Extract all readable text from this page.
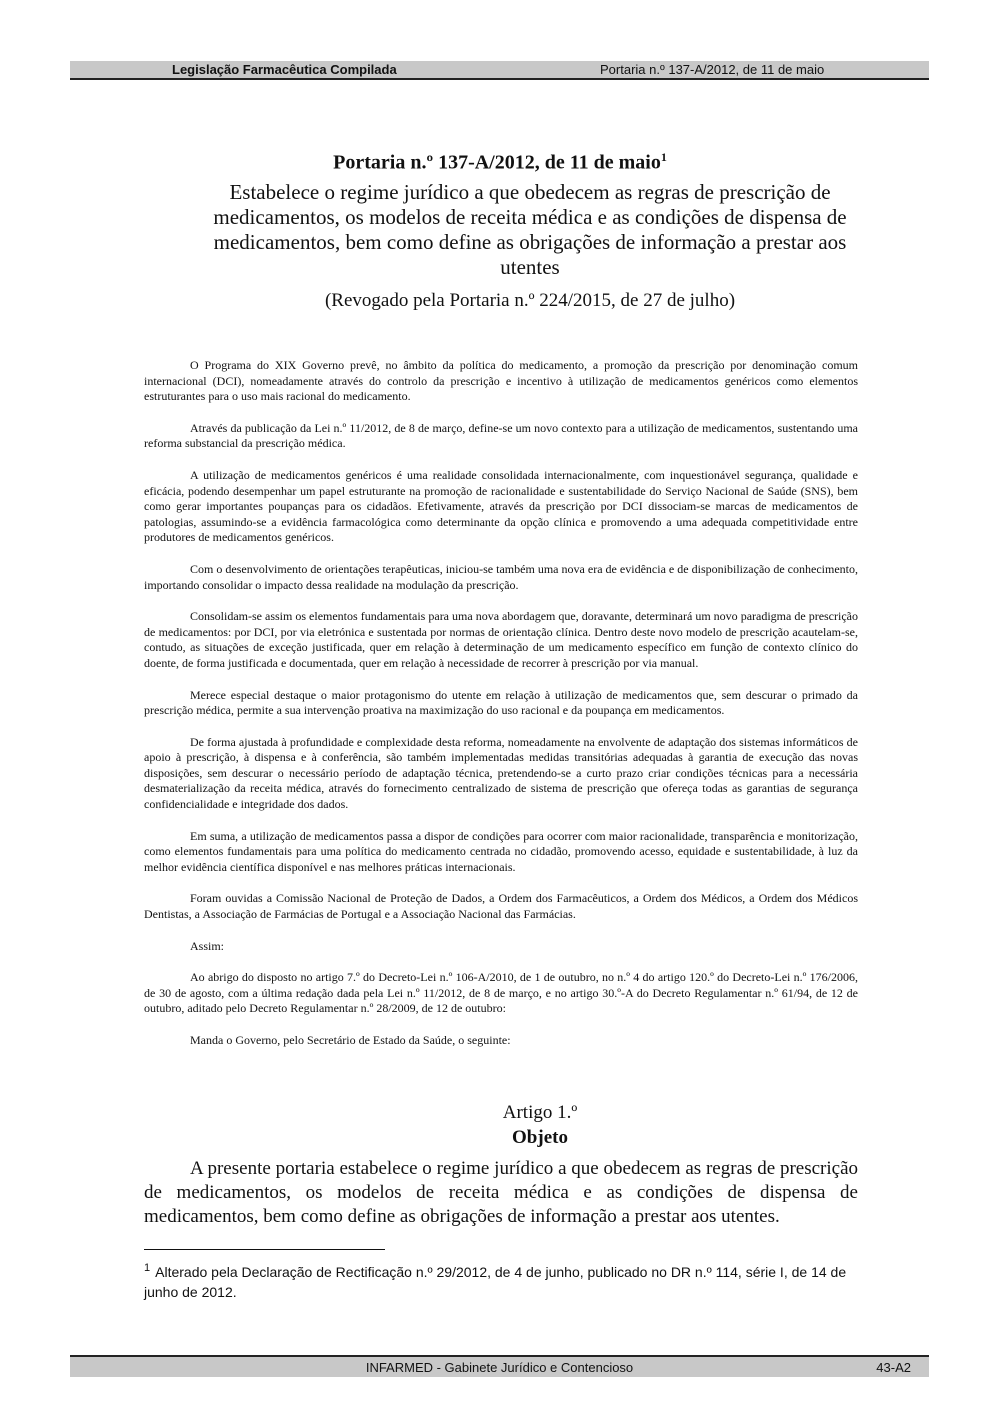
Legislação Farmacêutica Compilada	Portaria n.º 137-A/2012, de 11 de maio
Portaria n.º 137-A/2012, de 11 de maio$^1$
Estabelece o regime jurídico a que obedecem as regras de prescrição de medicamentos, os modelos de receita médica e as condições de dispensa de medicamentos, bem como define as obrigações de informação a prestar aos utentes
(Revogado pela Portaria n.º 224/2015, de 27 de julho)

O Programa do XIX Governo prevê, no âmbito da política do medicamento, a promoção da prescrição por denominação comum internacional (DCI), nomeadamente através do controlo da prescrição e incentivo à utilização de medicamentos genéricos como elementos estruturantes para o uso mais racional do medicamento.

Através da publicação da Lei n.º 11/2012, de 8 de março, define-se um novo contexto para a utilização de medicamentos, sustentando uma reforma substancial da prescrição médica.

A utilização de medicamentos genéricos é uma realidade consolidada internacionalmente, com inquestionável segurança, qualidade e eficácia, podendo desempenhar um papel estruturante na promoção de racionalidade e sustentabilidade do Serviço Nacional de Saúde (SNS), bem como gerar importantes poupanças para os cidadãos. Efetivamente, através da prescrição por DCI dissociam-se marcas de medicamentos de patologias, assumindo-se a evidência farmacológica como determinante da opção clínica e promovendo a uma adequada competitividade entre produtores de medicamentos genéricos.

Com o desenvolvimento de orientações terapêuticas, iniciou-se também uma nova era de evidência e de disponibilização de conhecimento, importando consolidar o impacto dessa realidade na modulação da prescrição.

Consolidam-se assim os elementos fundamentais para uma nova abordagem que, doravante, determinará um novo paradigma de prescrição de medicamentos: por DCI, por via eletrónica e sustentada por normas de orientação clínica. Dentro deste novo modelo de prescrição acautelam-se, contudo, as situações de exceção justificada, quer em relação à determinação de um medicamento específico em função de contexto clínico do doente, de forma justificada e documentada, quer em relação à necessidade de recorrer à prescrição por via manual.

Merece especial destaque o maior protagonismo do utente em relação à utilização de medicamentos que, sem descurar o primado da prescrição médica, permite a sua intervenção proativa na maximização do uso racional e da poupança em medicamentos.

De forma ajustada à profundidade e complexidade desta reforma, nomeadamente na envolvente de adaptação dos sistemas informáticos de apoio à prescrição, à dispensa e à conferência, são também implementadas medidas transitórias adequadas à garantia de execução das novas disposições, sem descurar o necessário período de adaptação técnica, pretendendo-se a curto prazo criar condições técnicas para a necessária desmaterialização da receita médica, através do fornecimento centralizado de sistema de prescrição que ofereça todas as garantias de segurança confidencialidade e integridade dos dados.

Em suma, a utilização de medicamentos passa a dispor de condições para ocorrer com maior racionalidade, transparência e monitorização, como elementos fundamentais para uma política do medicamento centrada no cidadão, promovendo acesso, equidade e sustentabilidade, à luz da melhor evidência científica disponível e nas melhores práticas internacionais.

Foram ouvidas a Comissão Nacional de Proteção de Dados, a Ordem dos Farmacêuticos, a Ordem dos Médicos, a Ordem dos Médicos Dentistas, a Associação de Farmácias de Portugal e a Associação Nacional das Farmácias.

Assim:

Ao abrigo do disposto no artigo 7.º do Decreto-Lei n.º 106-A/2010, de 1 de outubro, no n.º 4 do artigo 120.º do Decreto-Lei n.º 176/2006, de 30 de agosto, com a última redação dada pela Lei n.º 11/2012, de 8 de março, e no artigo 30.º-A do Decreto Regulamentar n.º 61/94, de 12 de outubro, aditado pelo Decreto Regulamentar n.º 28/2009, de 12 de outubro:

Manda o Governo, pelo Secretário de Estado da Saúde, o seguinte:

Artigo 1.º
Objeto

A presente portaria estabelece o regime jurídico a que obedecem as regras de prescrição de medicamentos, os modelos de receita médica e as condições de dispensa de medicamentos, bem como define as obrigações de informação a prestar aos utentes.

$^1$ Alterado pela Declaração de Rectificação n.º 29/2012, de 4 de junho, publicado no DR n.º 114, série I, de 14 de junho de 2012.
INFARMED - Gabinete Jurídico e Contencioso	43-A2
